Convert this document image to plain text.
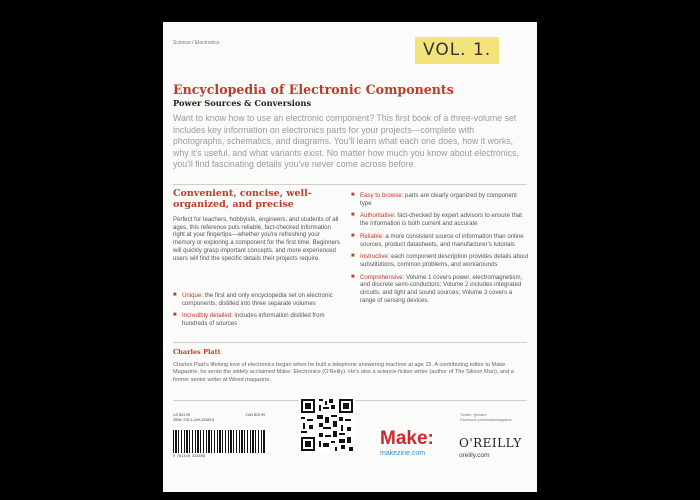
Science / Electronics	VOL. 1.
Encyclopedia of Electronic Components
Power Sources & Conversions
Want to know how to use an electronic component? This first book of a three-volume set includes key information on electronics parts for your projects—complete with photographs, schematics, and diagrams. You'll learn what each one does, how it works, why it's useful, and what variants exist. No matter how much you know about electronics, you'll find fascinating details you've never come across before.
Convenient, concise, well-organized, and precise
Perfect for teachers, hobbyists, engineers, and students of all ages, this reference puts reliable, fact-checked information right at your fingertips—whether you're refreshing your memory or exploring a component for the first time. Beginners will quickly grasp important concepts, and more experienced users will find the specific details their projects require.
■ Unique: the first and only encyclopedia set on electronic components, distilled into three separate volumes
■ Incredibly detailed: includes information distilled from hundreds of sources
■ Easy to browse: parts are clearly organized by component type
■ Authoritative: fact-checked by expert advisors to ensure that the information is both current and accurate
■ Reliable: a more consistent source of information than online sources, product datasheets, and manufacturer's tutorials
■ Instructive: each component description provides details about substitutions, common problems, and workarounds
■ Comprehensive: Volume 1 covers power, electromagnetism, and discrete semi-conductors; Volume 2 includes integrated circuits, and light and sound sources; Volume 3 covers a range of sensing devices.
Charles Platt
Charles Platt's lifelong love of electronics began when he built a telephone answering machine at age 15. A contributing editor to Make Magazine, he wrote the widely acclaimed Make: Electronics (O'Reilly). He's also a science-fiction writer (author of The Silicon Man), and a former senior writer at Wired magazine.
US $24.99	CAN $25.99
ISBN: 978-1-449-33389-8
9 781449 333898
Twitter: @make
Facebook.com/makemagazine
Make:
makezine.com
O'REILLY
oreilly.com
